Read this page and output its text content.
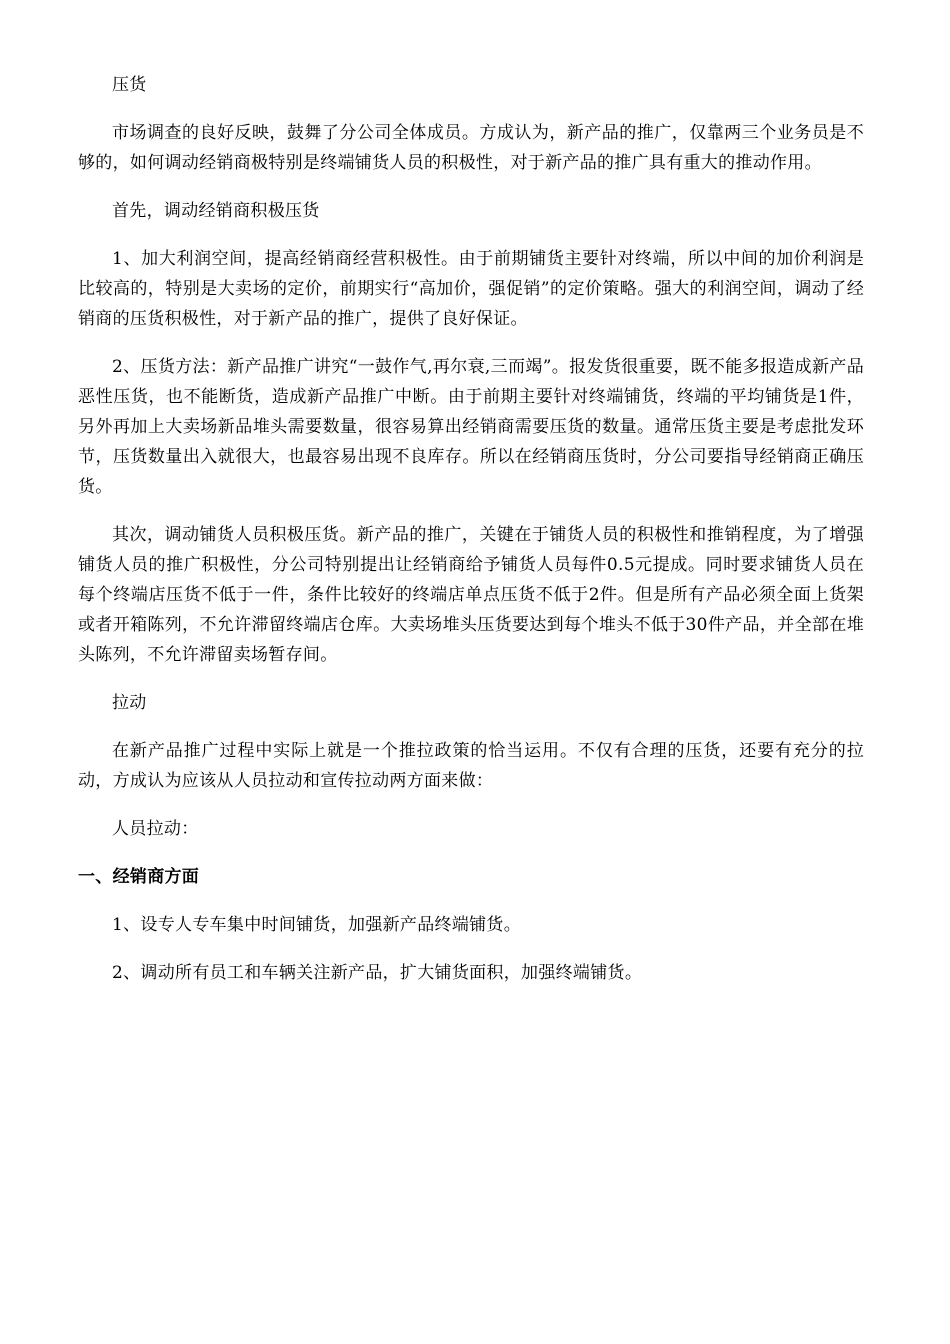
压货

市场调查的良好反映，鼓舞了分公司全体成员。方成认为，新产品的推广，仅靠两三个业务员是不够的，如何调动经销商极特别是终端铺货人员的积极性，对于新产品的推广具有重大的推动作用。

首先，调动经销商积极压货

1、加大利润空间，提高经销商经营积极性。由于前期铺货主要针对终端，所以中间的加价利润是比较高的，特别是大卖场的定价，前期实行“高加价，强促销”的定价策略。强大的利润空间，调动了经销商的压货积极性，对于新产品的推广，提供了良好保证。

2、压货方法：新产品推广讲究“一鼓作气,再尔衰,三而竭”。报发货很重要，既不能多报造成新产品恶性压货，也不能断货，造成新产品推广中断。由于前期主要针对终端铺货，终端的平均铺货是1件，另外再加上大卖场新品堆头需要数量，很容易算出经销商需要压货的数量。通常压货主要是考虑批发环节，压货数量出入就很大，也最容易出现不良库存。所以在经销商压货时，分公司要指导经销商正确压货。

其次，调动铺货人员积极压货。新产品的推广，关键在于铺货人员的积极性和推销程度，为了增强铺货人员的推广积极性，分公司特别提出让经销商给予铺货人员每件0.5元提成。同时要求铺货人员在每个终端店压货不低于一件，条件比较好的终端店单点压货不低于2件。但是所有产品必须全面上货架或者开箱陈列，不允许滞留终端店仓库。大卖场堆头压货要达到每个堆头不低于30件产品，并全部在堆头陈列，不允许滞留卖场暂存间。

拉动

在新产品推广过程中实际上就是一个推拉政策的恰当运用。不仅有合理的压货，还要有充分的拉动，方成认为应该从人员拉动和宣传拉动两方面来做：

人员拉动：

一、经销商方面

1、设专人专车集中时间铺货，加强新产品终端铺货。

2、调动所有员工和车辆关注新产品，扩大铺货面积，加强终端铺货。
